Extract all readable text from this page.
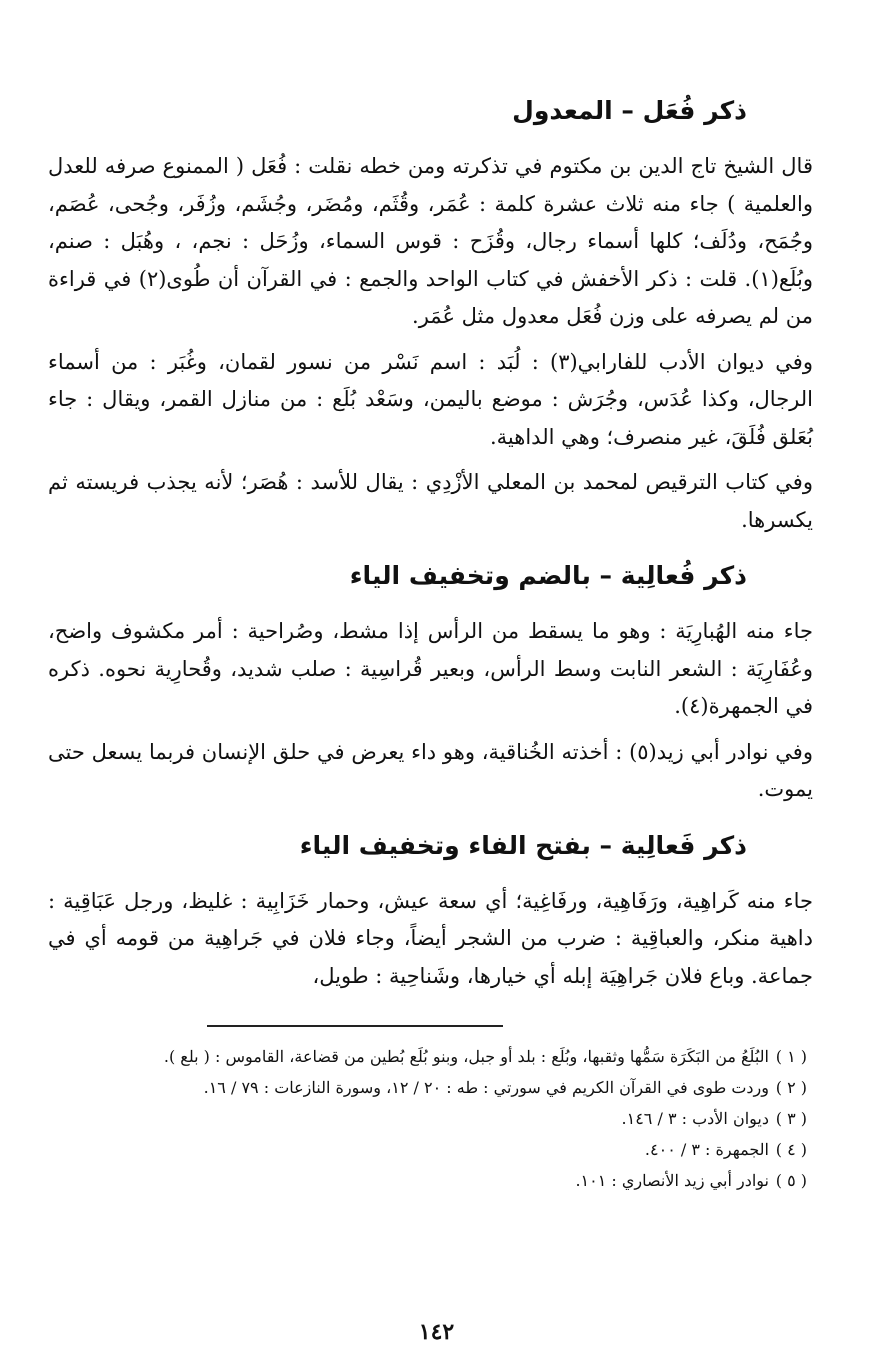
ذكر فُعَل – المعدول

قال الشيخ تاج الدين بن مكتوم في تذكرته ومن خطه نقلت : فُعَل ( الممنوع صرفه للعدل والعلمية ) جاء منه ثلاث عشرة كلمة : عُمَر، وقُثَم، ومُضَر، وجُشَم، وزُفَر، وجُحى، عُصَم، وجُمَح، ودُلَف؛ كلها أسماء رجال، وقُزَح : قوس السماء، وزُحَل : نجم، ، وهُبَل : صنم، وبُلَع(١). قلت : ذكر الأخفش في كتاب الواحد والجمع : في القرآن أن طُوى(٢) في قراءة من لم يصرفه على وزن فُعَل معدول مثل عُمَر.

وفي ديوان الأدب للفارابي(٣) : لُبَد : اسم نَسْر من نسور لقمان، وغُبَر : من أسماء الرجال، وكذا عُدَس، وجُرَش : موضع باليمن، وسَعْد بُلَع : من منازل القمر، ويقال : جاء بُعَلق فُلَقَ، غير منصرف؛ وهي الداهية.

وفي كتاب الترقيص لمحمد بن المعلي الأزْدِي : يقال للأسد : هُصَر؛ لأنه يجذب فريسته ثم يكسرها.

ذكر فُعالِية – بالضم وتخفيف الياء

جاء منه الهُبارِيَة : وهو ما يسقط من الرأس إذا مشط، وصُراحية : أمر مكشوف واضح، وعُفَارِيَة : الشعر النابت وسط الرأس، وبعير قُراسِية : صلب شديد، وقُحارِية نحوه. ذكره في الجمهرة(٤).

وفي نوادر أبي زيد(٥) : أخذته الخُناقية، وهو داء يعرض في حلق الإنسان فربما يسعل حتى يموت.

ذكر فَعالِية – بفتح الفاء وتخفيف الياء

جاء منه كَراهِية، ورَفَاهِية، ورفَاغِية؛ أي سعة عيش، وحمار خَزَابِية : غليظ، ورجل عَبَاقِية : داهية منكر، والعباقِية : ضرب من الشجر أيضاً، وجاء فلان في جَراهِية من قومه أي في جماعة. وباع فلان جَراهِيَة إبله أي خيارها، وشَناحِية : طويل،

( ١ )
البُلَعُ من البَكَرَة سَمُّها وثقبها، وبُلَع : بلد أو جبل، وبنو بُلَع بُطين من قضاعة، القاموس : ( بلع ).
( ٢ )
وردت طوى في القرآن الكريم في سورتي : طه : ٢٠ / ١٢، وسورة النازعات : ٧٩ / ١٦.
( ٣ )
ديوان الأدب : ٣ / ١٤٦.
( ٤ )
الجمهرة : ٣ / ٤٠٠.
( ٥ )
نوادر أبي زيد الأنصاري : ١٠١.
١٤٢
